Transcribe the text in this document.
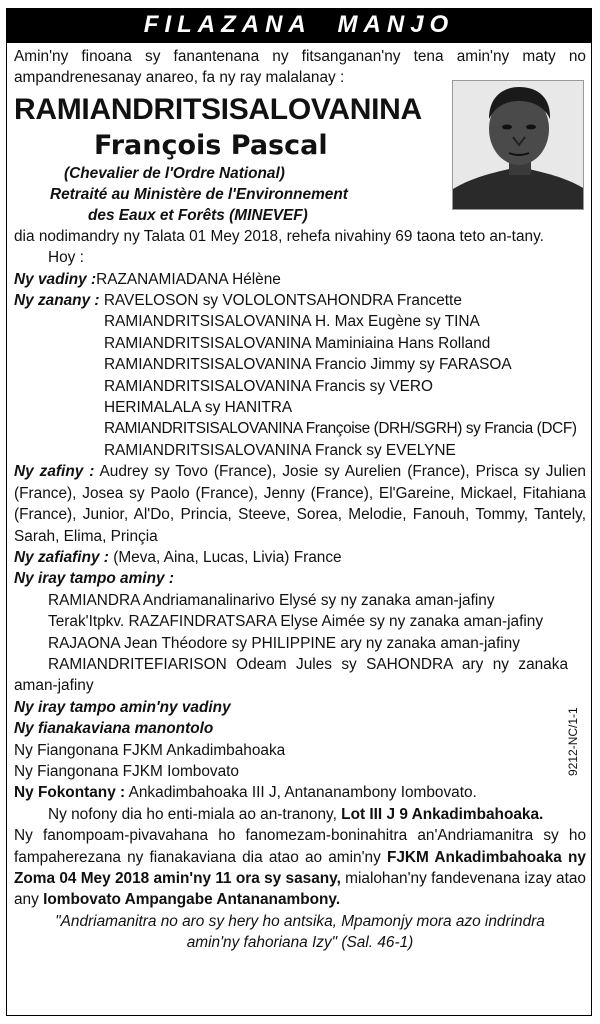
FILAZANA MANJO

Amin'ny finoana sy fanantenana ny fitsanganan'ny tena amin'ny maty no ampandrenesanay anareo, fa ny ray malalanay :

RAMIANDRITSISALOVANINA
François Pascal
(Chevalier de l'Ordre National)
Retraité au Ministère de l'Environnement
des Eaux et Forêts (MINEVEF)

dia nodimandry ny Talata 01 Mey 2018, rehefa nivahiny 69 taona teto an-tany.

Hoy :

Ny vadiny :RAZANAMIADANA Hélène

Ny zanany : RAVELOSON sy VOLOLONTSAHONDRA Francette

RAMIANDRITSISALOVANINA H. Max Eugène sy TINA

RAMIANDRITSISALOVANINA Maminiaina Hans Rolland

RAMIANDRITSISALOVANINA Francio Jimmy sy FARASOA

RAMIANDRITSISALOVANINA Francis sy VERO

HERIMALALA sy HANITRA

RAMIANDRITSISALOVANINA Françoise (DRH/SGRH) sy Francia (DCF)

RAMIANDRITSISALOVANINA Franck sy EVELYNE

Ny zafiny : Audrey sy Tovo (France), Josie sy Aurelien (France), Prisca sy Julien (France), Josea sy Paolo (France), Jenny (France), El'Gareine, Mickael, Fitahiana (France), Junior, Al'Do, Princia, Steeve, Sorea, Melodie, Fanouh, Tommy, Tantely, Sarah, Elima, Prinçia

Ny zafiafiny : (Meva, Aina, Lucas, Livia) France

Ny iray tampo aminy :

RAMIANDRA Andriamanalinarivo Elysé sy ny zanaka aman-jafiny

Terak'Itpkv. RAZAFINDRATSARA Elyse Aimée sy ny zanaka aman-jafiny

RAJAONA Jean Théodore sy PHILIPPINE ary ny zanaka aman-jafiny

RAMIANDRITEFIARISON Odeam Jules sy SAHONDRA ary ny zanaka aman-jafiny

Ny iray tampo amin'ny vadiny

Ny fianakaviana manontolo

Ny Fiangonana FJKM Ankadimbahoaka

Ny Fiangonana FJKM Iombovato

Ny Fokontany : Ankadimbahoaka III J, Antananambony Iombovato.

Ny nofony dia ho enti-miala ao an-tranony, Lot III J 9 Ankadimbahoaka.

Ny fanompoam-pivavahana ho fanomezam-boninahitra an'Andriamanitra sy ho fampaherezana ny fianakaviana dia atao ao amin'ny FJKM Ankadimbahoaka ny Zoma 04 Mey 2018 amin'ny 11 ora sy sasany, mialohan'ny fandevenana izay atao any Iombovato Ampangabe Antananambony.

"Andriamanitra no aro sy hery ho antsika, Mpamonjy mora azo indrindra amin'ny fahoriana Izy" (Sal. 46-1)

9212-NC/1-1
